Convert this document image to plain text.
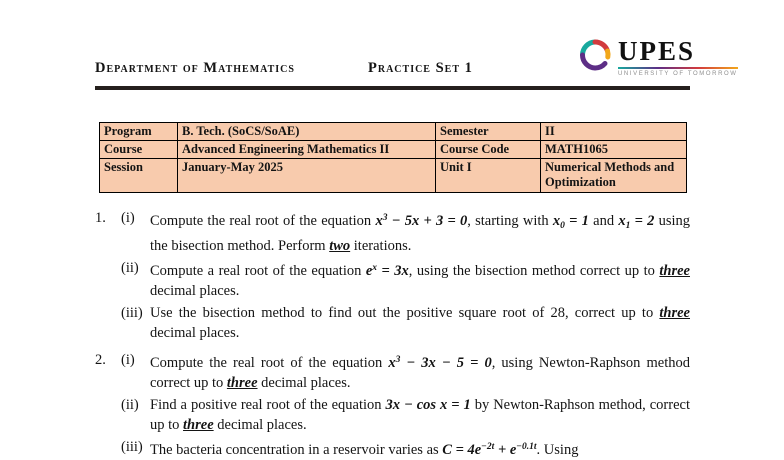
Department of Mathematics	Practice Set 1
UPES
UNIVERSITY OF TOMORROW
Program	B. Tech. (SoCS/SoAE)	Semester	II
Course	Advanced Engineering Mathematics II	Course Code	MATH1065
Session	January-May 2025	Unit I	Numerical Methods and Optimization
1.	(i)	Compute the real root of the equation $x^3 - 5x + 3 = 0$, starting with $x_0 = 1$ and $x_1 = 2$ using the bisection method. Perform two iterations.
(ii) Compute a real root of the equation $e^x = 3x$, using the bisection method correct up to three decimal places.
(iii) Use the bisection method to find out the positive square root of 28, correct up to three decimal places.
2.	(i)	Compute the real root of the equation $x^3 - 3x - 5 = 0$, using Newton-Raphson method correct up to three decimal places.
(ii) Find a positive real root of the equation 3x − cos x = 1 by Newton-Raphson method, correct up to three decimal places.
(iii) The bacteria concentration in a reservoir varies as $C = 4e^{-2t} + e^{-0.1t}$. Using
